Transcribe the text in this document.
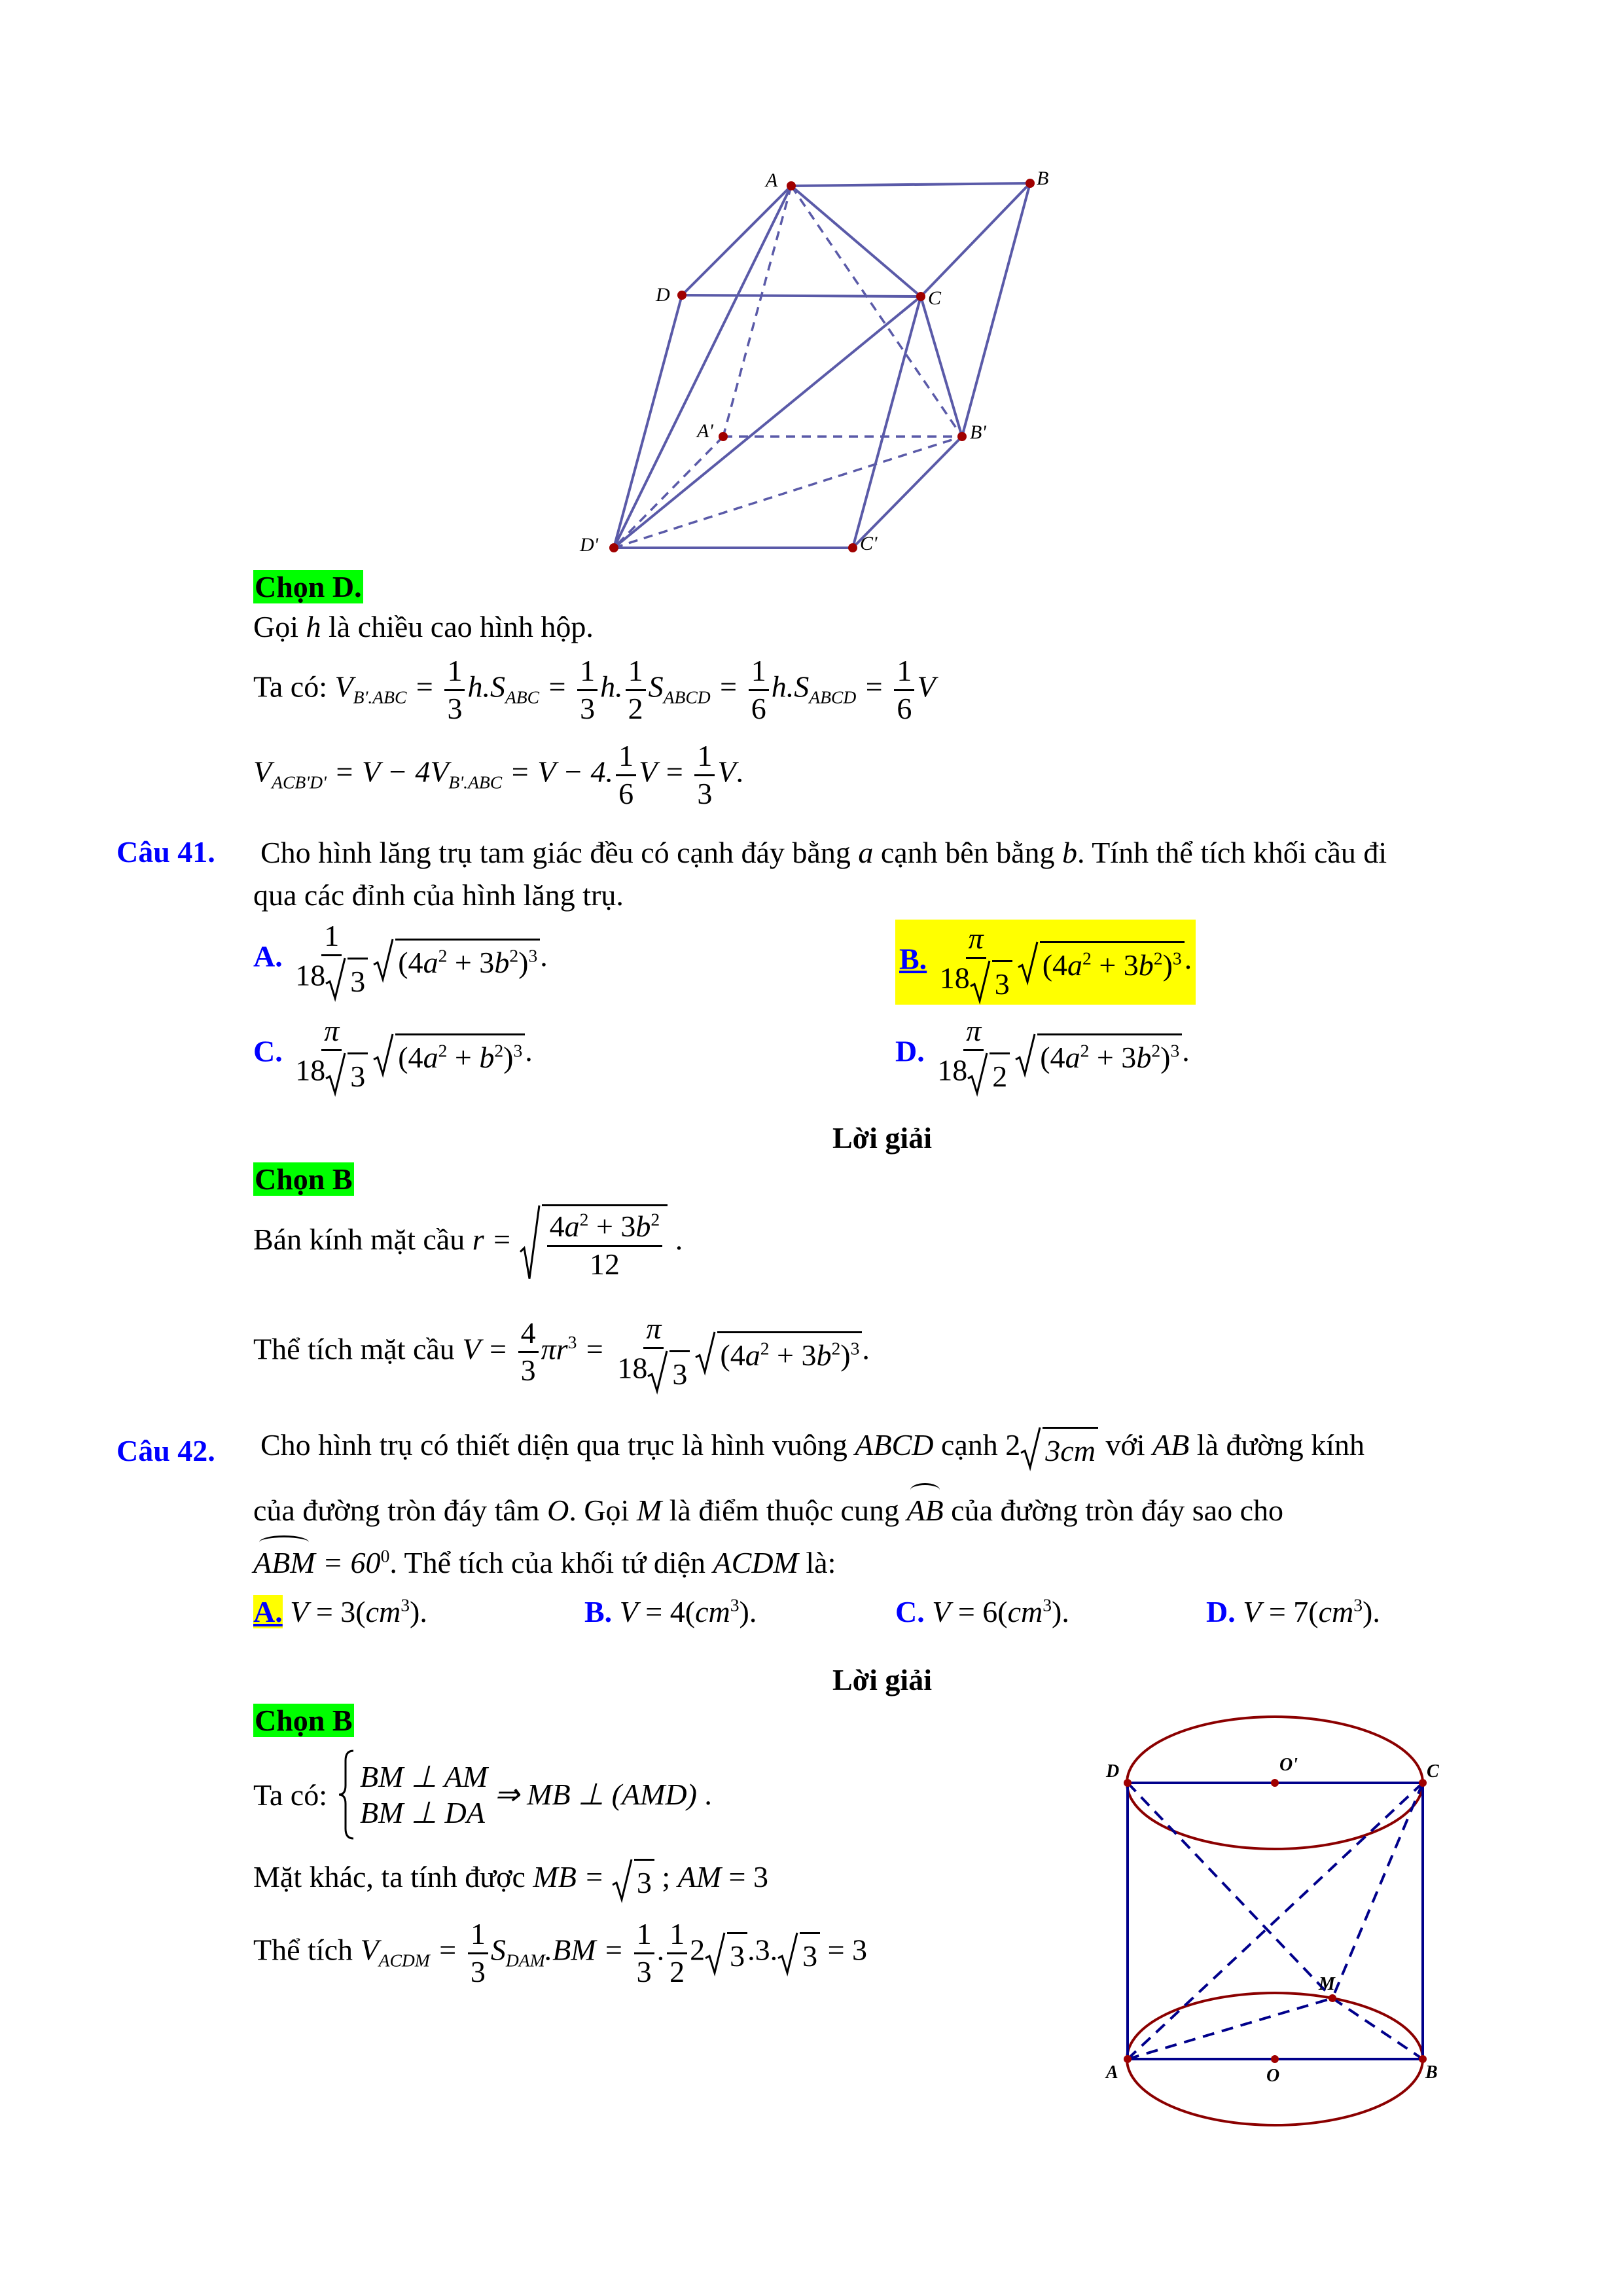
A	B
D	C
A'	B'
D'	C'
Chọn D.
Gọi h là chiều cao hình hộp.
Ta có: $V_{B'.ABC} = \frac{1}{3} h.S_{ABC} = \frac{1}{3} h$. $\frac{1}{2} S_{ABCD} = \frac{1}{6} h.S_{ABCD} = \frac{1}{6}$ V
$V_{ACB'D'} = V - 4V_{B'.ABC} = V - 4$. $\frac{1}{6}$ $V = \frac{1}{3} V$.
Câu 41. Cho hình lăng trụ tam giác đều có cạnh đáy bằng a cạnh bên bằng b. Tính thể tích khối cầu đi
qua các đỉnh của hình lăng trụ.
A. $\frac{1}{18 3} (4a^2 + 3b^2)^3$.	B. $\frac{\pi}{18 3} (4a^2 + 3b^2)^3$.
C. $\frac{\pi}{18 3} (4a^2 + b^2)^3$.	D. $\frac{\pi}{18 2} (4a^2 + 3b^2)^3$.
Lời giải
Chọn B
Bán kính mặt cầu $r = \frac{4a^2 + 3b^2}{12}$ .
Thể tích mặt cầu $V = \frac{4}{3} \pi r^3 = \frac{\pi}{18 3} (4a^2 + 3b^2)^3$.
Câu 42. Cho hình trụ có thiết diện qua trục là hình vuông ABCD cạnh 2 3cm với AB là đường kính
của đường tròn đáy tâm O. Gọi M là điểm thuộc cung AB của đường tròn đáy sao cho
ABM = $60^0$. Thể tích của khối tứ diện ACDM là:
A. $V = 3(cm^3)$.	B. $V = 4(cm^3)$.	C. $V = 6(cm^3)$.	D. $V = 7(cm^3)$.
Lời giải
Chọn B
Ta có:
BM ⊥ AM
BM ⊥ DA
⇒ MB ⊥ (AMD) .
Mặt khác, ta tính được MB =
3 ; AM = 3
Thể tích $V_{ACDM} = \frac{1}{3} S_{DAM}.BM = \frac{1}{3}$ . $\frac{1}{2} 2$ 3.3. 3 = 3
D	C
O'
M
A	O	B
